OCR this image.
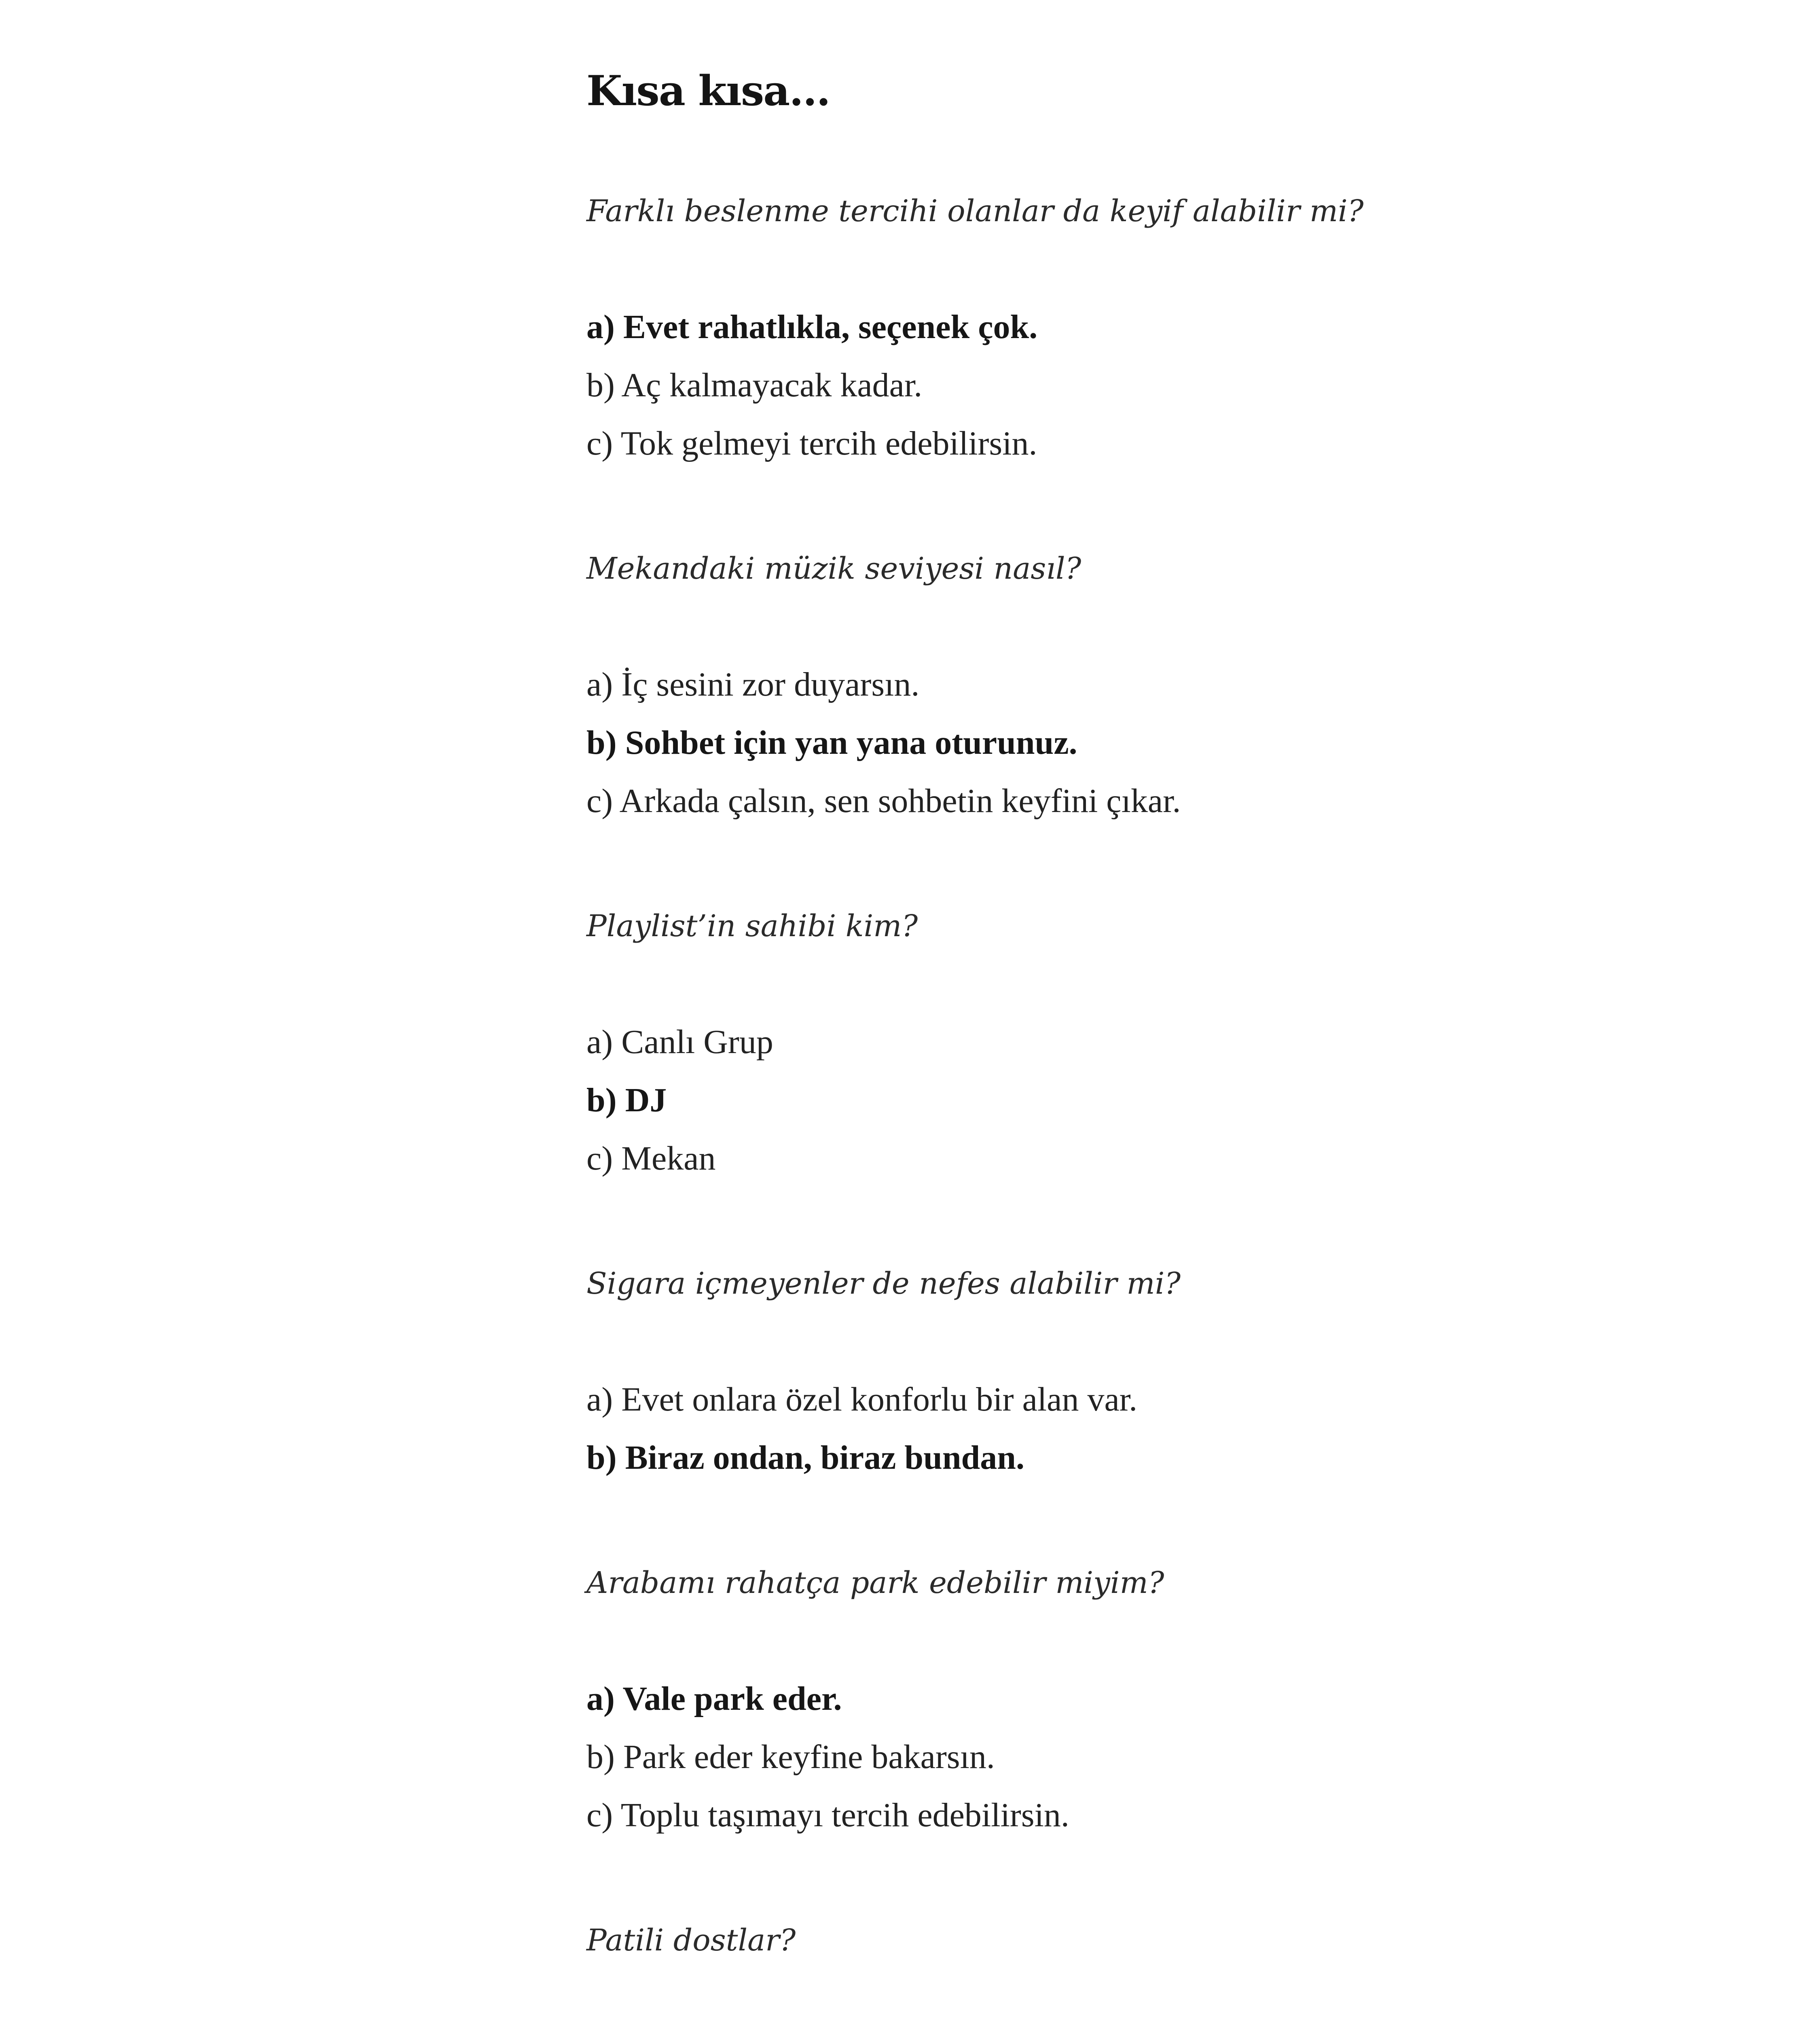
Kısa kısa...

Farklı beslenme tercihi olanlar da keyif alabilir mi?

a) Evet rahatlıkla, seçenek çok.
b) Aç kalmayacak kadar.
c) Tok gelmeyi tercih edebilirsin.

Mekandaki müzik seviyesi nasıl?

a) İç sesini zor duyarsın.
b) Sohbet için yan yana oturunuz.
c) Arkada çalsın, sen sohbetin keyfini çıkar.

Playlist’in sahibi kim?

a) Canlı Grup
b) DJ
c) Mekan

Sigara içmeyenler de nefes alabilir mi?

a) Evet onlara özel konforlu bir alan var.
b) Biraz ondan, biraz bundan.

Arabamı rahatça park edebilir miyim?

a) Vale park eder.
b) Park eder keyfine bakarsın.
c) Toplu taşımayı tercih edebilirsin.

Patili dostlar?
